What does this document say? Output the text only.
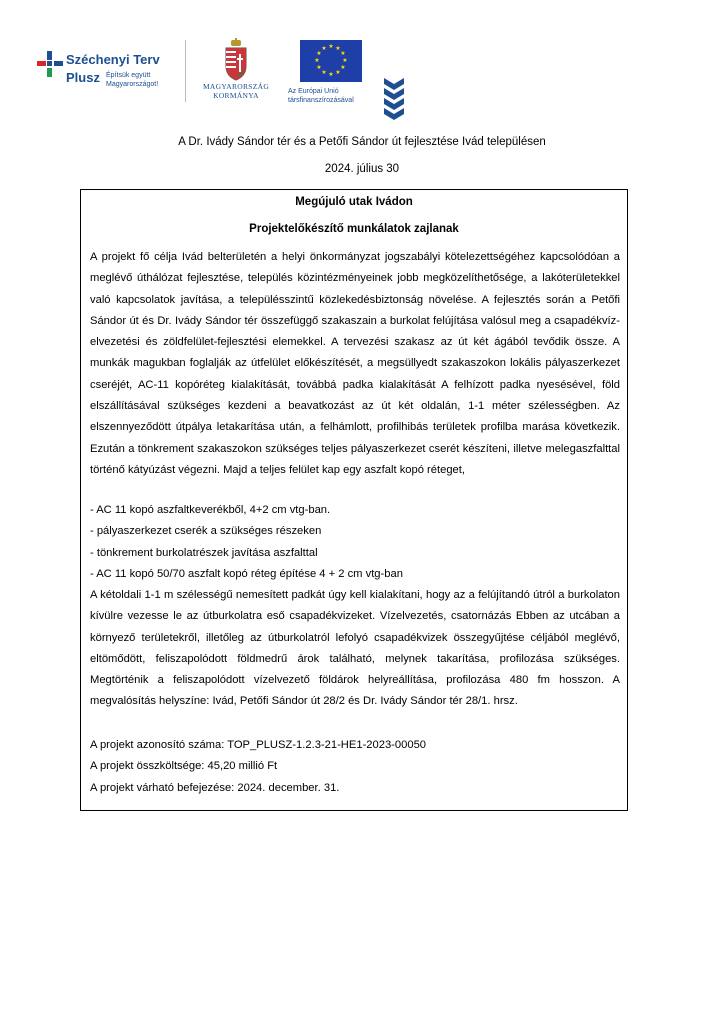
Széchenyi Terv
Plusz Építsük együtt
Magyarországot!	MAGYARORSZÁG
KORMÁNYA
★ ★
★
★
★
★
★
★
★
★
★
★
Az Európai Unió
társfinanszírozásával
A Dr. Ivády Sándor tér és a Petőfi Sándor út fejlesztése Ivád településen
2024. július 30
Megújuló utak Ivádon
Projektelőkészítő munkálatok zajlanak

A projekt fő célja Ivád belterületén a helyi önkormányzat jogszabályi kötelezettségéhez kapcsolódóan a meglévő úthálózat fejlesztése, település közintézményeinek jobb megközelíthetősége, a lakóterületekkel való kapcsolatok javítása, a településszintű közlekedésbiztonság növelése. A fejlesztés során a Petőfi Sándor út és Dr. Ivády Sándor tér összefüggő szakaszain a burkolat felújítása valósul meg a csapadékvíz-elvezetési és zöldfelület-fejlesztési elemekkel. A tervezési szakasz az út két ágából tevődik össze. A munkák magukban foglalják az útfelület előkészítését, a megsüllyedt szakaszokon lokális pályaszerkezet cseréjét, AC-11 kopóréteg kialakítását, továbbá padka kialakítását A felhízott padka nyesésével, föld elszállításával szükséges kezdeni a beavatkozást az út két oldalán, 1-1 méter szélességben. Az elszennyeződött útpálya letakarítása után, a felhámlott, profilhibás területek profilba marása következik. Ezután a tönkrement szakaszokon szükséges teljes pályaszerkezet cserét készíteni, illetve melegaszfalttal történő kátyúzást végezni. Majd a teljes felület kap egy aszfalt kopó réteget,

- AC 11 kopó aszfaltkeverékből, 4+2 cm vtg-ban.
- pályaszerkezet cserék a szükséges részeken
- tönkrement burkolatrészek javítása aszfalttal
- AC 11 kopó 50/70 aszfalt kopó réteg építése 4 + 2 cm vtg-ban

A kétoldali 1-1 m szélességű nemesített padkát úgy kell kialakítani, hogy az a felújítandó útról a burkolaton kívülre vezesse le az útburkolatra eső csapadékvizeket. Vízelvezetés, csatornázás Ebben az utcában a környező területekről, illetőleg az útburkolatról lefolyó csapadékvizek összegyűjtése céljából meglévő, eltömődött, feliszapolódott földmedrű árok található, melynek takarítása, profilozása szükséges. Megtörténik a feliszapolódott vízelvezető földárok helyreállítása, profilozása 480 fm hosszon. A megvalósítás helyszíne: Ivád, Petőfi Sándor út 28/2 és Dr. Ivády Sándor tér 28/1. hrsz.

A projekt azonosító száma: TOP_PLUSZ-1.2.3-21-HE1-2023-00050
A projekt összköltsége: 45,20 millió Ft
A projekt várható befejezése: 2024. december. 31.
